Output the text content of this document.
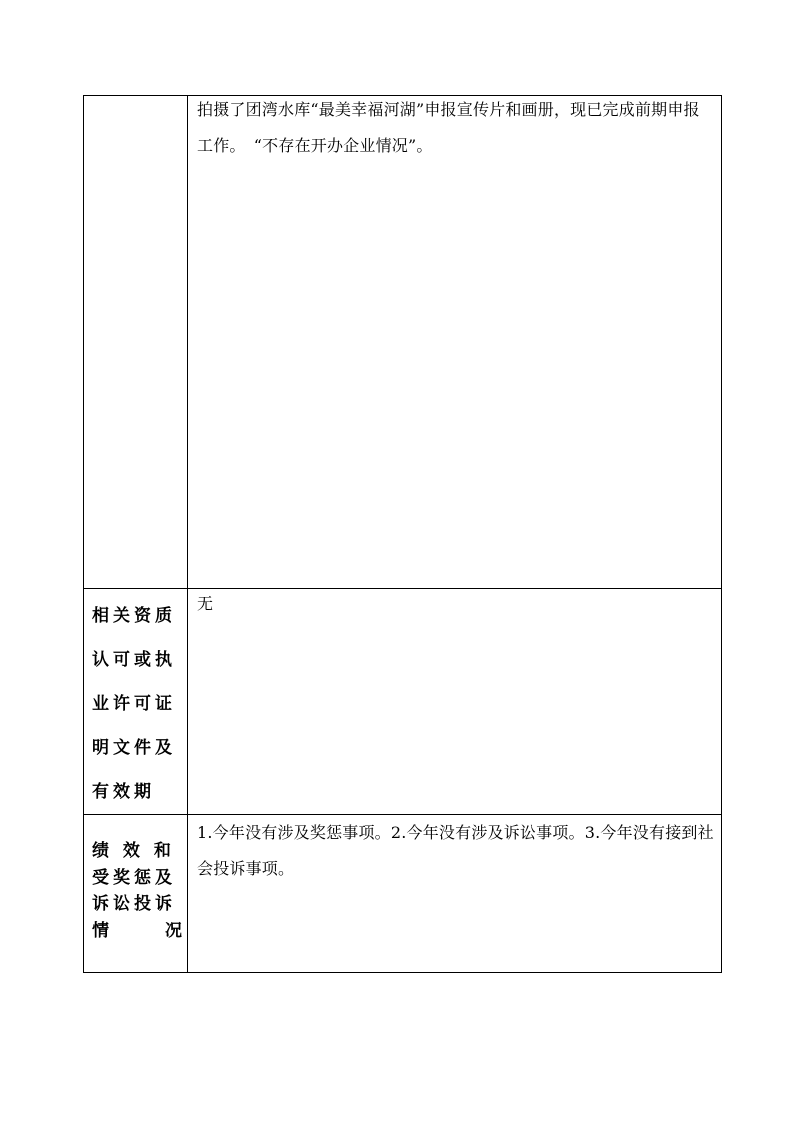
	拍摄了团湾水库“最美幸福河湖”申报宣传片和画册，现已完成前期申报工作。　“不存在开办企业情况”。

相关资质
认可或执
业许可证
明文件及
有效期	无

绩 效 和
受奖惩及
诉讼投诉
情 况	1.今年没有涉及奖惩事项。2.今年没有涉及诉讼事项。3.今年没有接到社会投诉事项。
